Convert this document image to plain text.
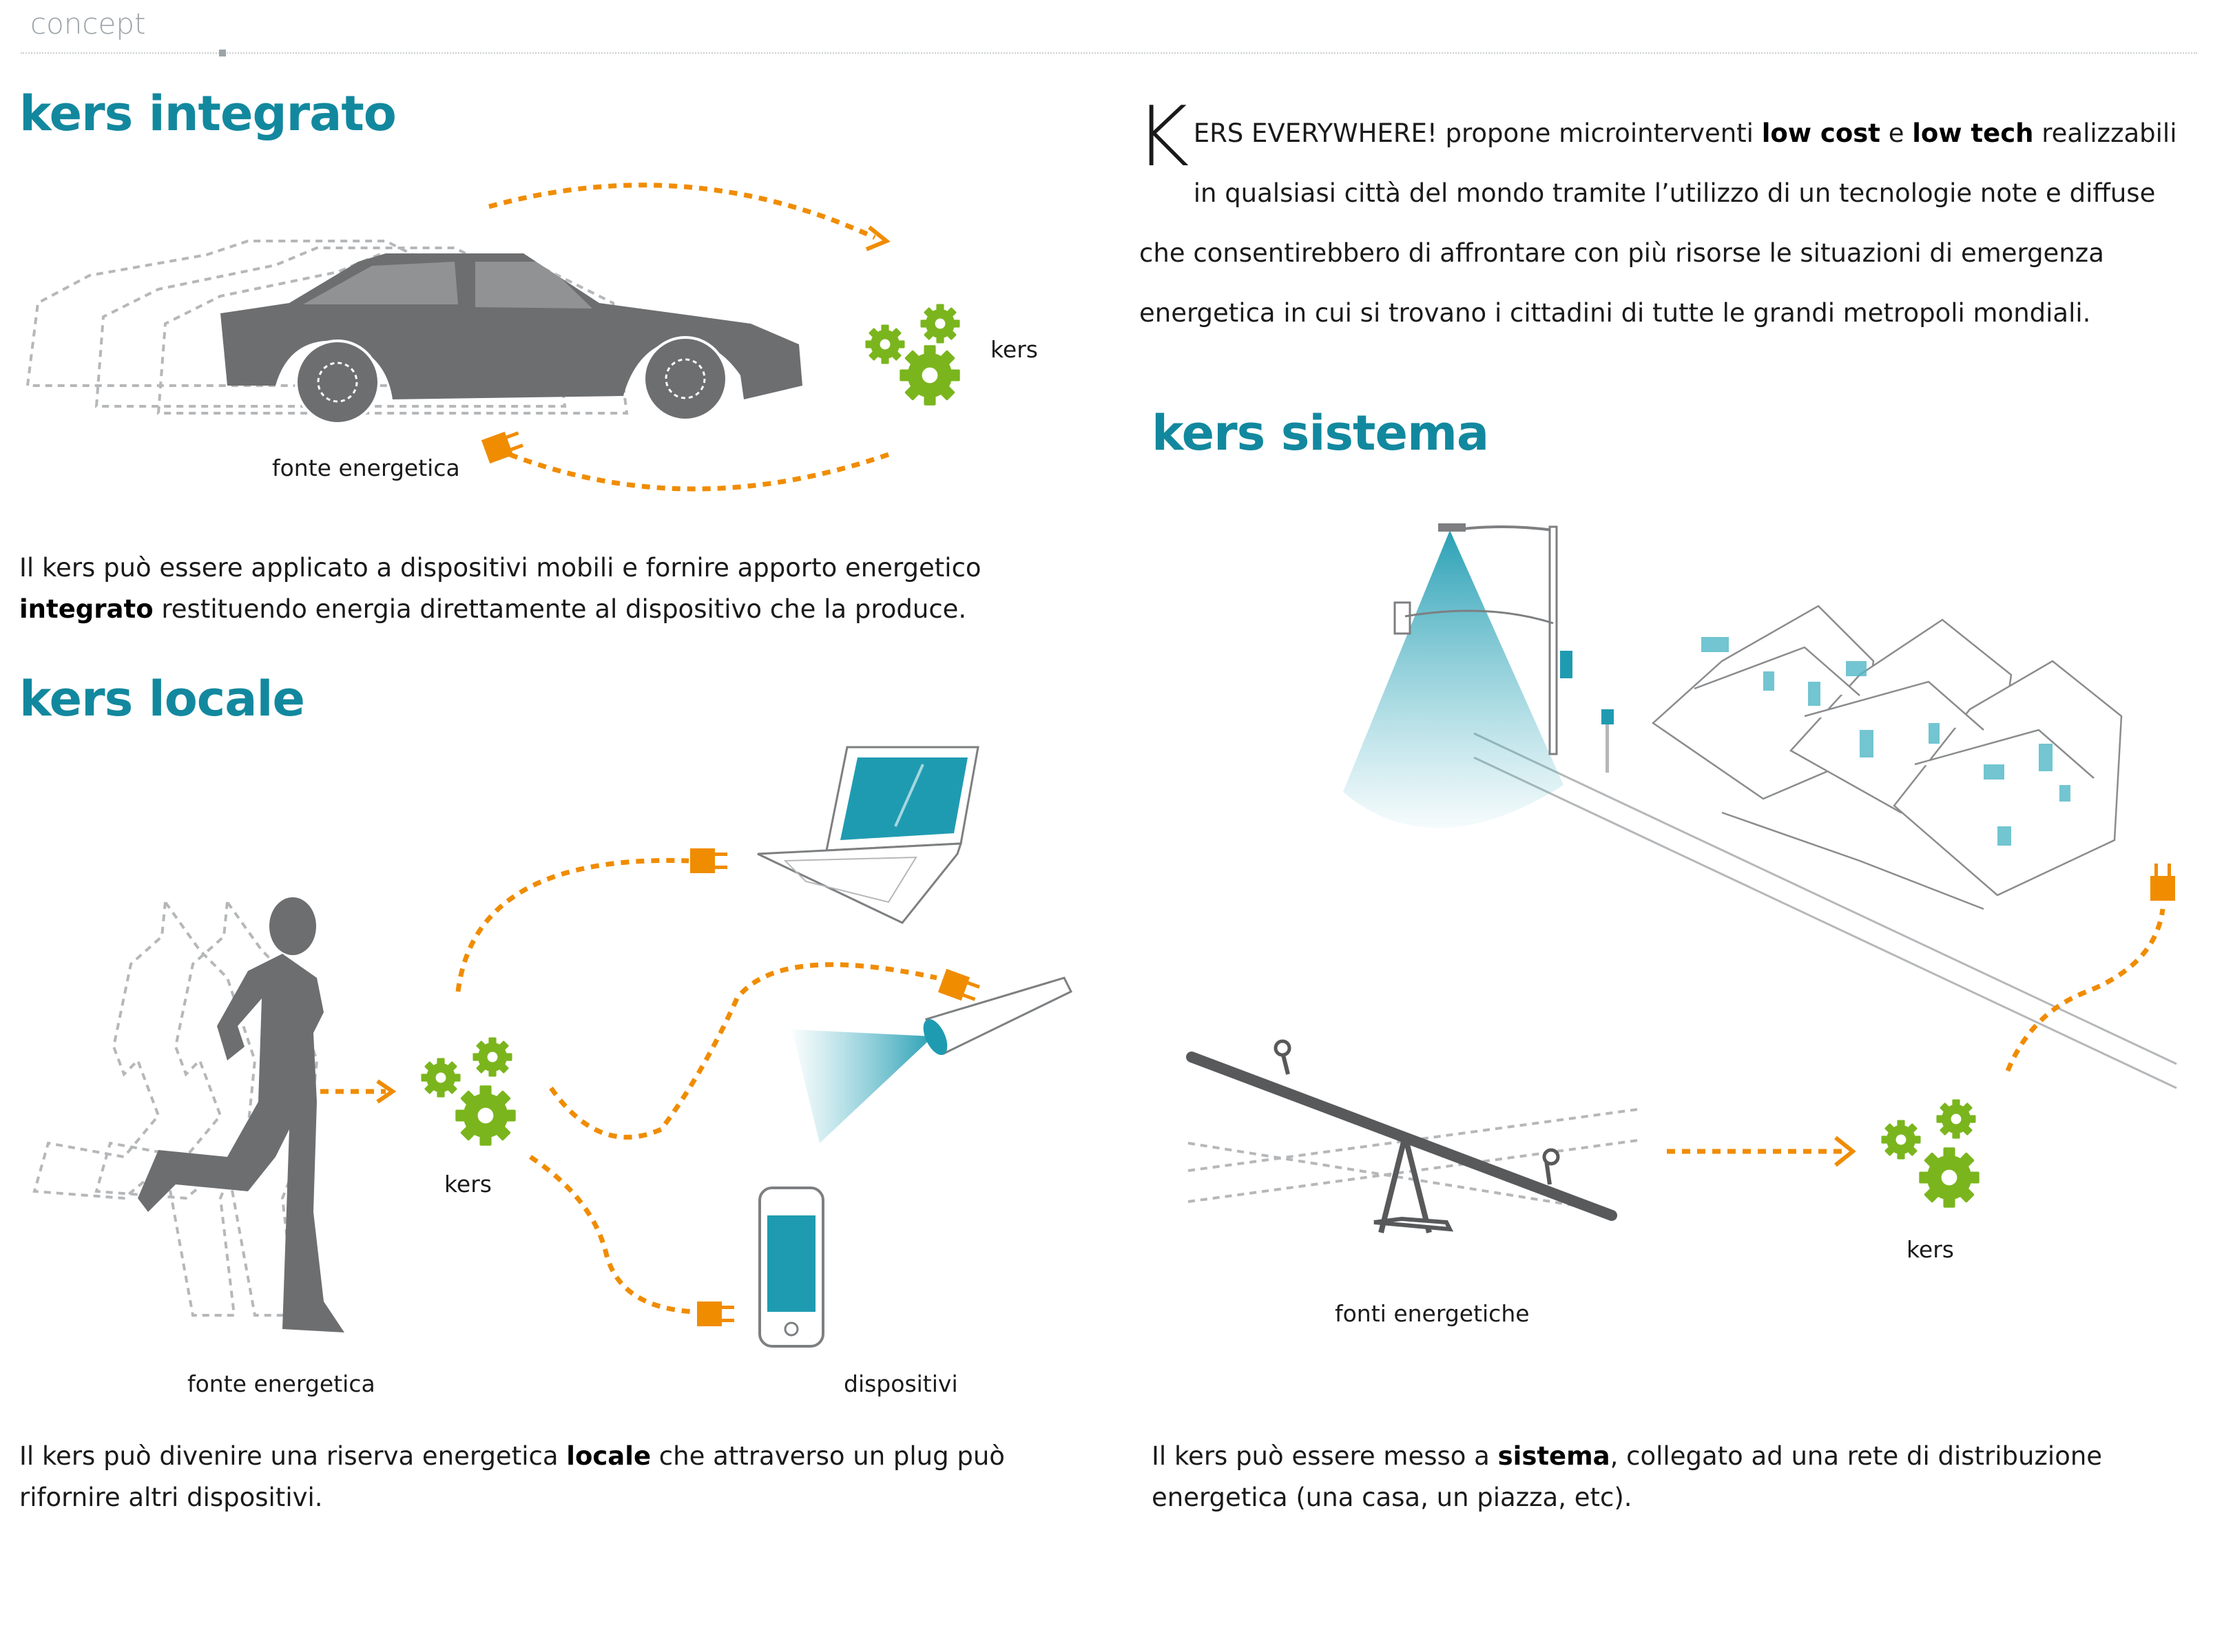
concept
kers integrato
kers locale
kers sistema
KERS EVERYWHERE! propone microinterventi low cost e low tech realizzabili in qualsiasi città del mondo tramite l’utilizzo di un tecnologie note e diffuse che consentirebbero di affrontare con più risorse le situazioni di emergenza energetica in cui si trovano i cittadini di tutte le grandi metropoli mondiali.
fonte energetica
kers
kers
fonte energetica	dispositivi
fonti energetiche
kers
Il kers può essere applicato a dispositivi mobili e fornire apporto energetico integrato restituendo energia direttamente al dispositivo che la produce.
Il kers può divenire una riserva energetica locale che attraverso un plug può rifornire altri dispositivi.
Il kers può essere messo a sistema, collegato ad una rete di distribuzione energetica (una casa, un piazza, etc).
